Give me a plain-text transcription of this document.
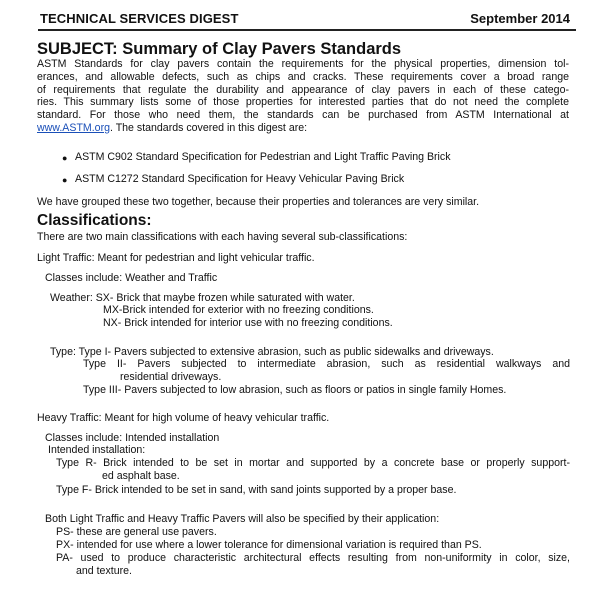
TECHNICAL SERVICES DIGEST	September 2014
SUBJECT: Summary of Clay Pavers Standards
ASTM Standards for clay pavers contain the requirements for the physical properties, dimension tol-
erances, and allowable defects, such as chips and cracks. These requirements cover a broad range
of requirements that regulate the durability and appearance of clay pavers in each of these catego-
ries. This summary lists some of those properties for interested parties that do not need the complete
standard. For those who need them, the standards can be purchased from ASTM International at
www.ASTM.org. The standards covered in this digest are:
● ASTM C902 Standard Specification for Pedestrian and Light Traffic Paving Brick
● ASTM C1272 Standard Specification for Heavy Vehicular Paving Brick
We have grouped these two together, because their properties and tolerances are very similar.
Classifications:
There are two main classifications with each having several sub-classifications:
Light Traffic: Meant for pedestrian and light vehicular traffic.
Classes include: Weather and Traffic
Weather: SX- Brick that maybe frozen while saturated with water.
MX-Brick intended for exterior with no freezing conditions.
NX- Brick intended for interior use with no freezing conditions.
Type: Type I- Pavers subjected to extensive abrasion, such as public sidewalks and driveways.
Type II- Pavers subjected to intermediate abrasion, such as residential walkways and
residential driveways.
Type III- Pavers subjected to low abrasion, such as floors or patios in single family Homes.
Heavy Traffic: Meant for high volume of heavy vehicular traffic.
Classes include: Intended installation
Intended installation:
Type R- Brick intended to be set in mortar and supported by a concrete base or properly support-
ed asphalt base.
Type F- Brick intended to be set in sand, with sand joints supported by a proper base.
Both Light Traffic and Heavy Traffic Pavers will also be specified by their application:
PS- these are general use pavers.
PX- intended for use where a lower tolerance for dimensional variation is required than PS.
PA- used to produce characteristic architectural effects resulting from non-uniformity in color, size,
and texture.
